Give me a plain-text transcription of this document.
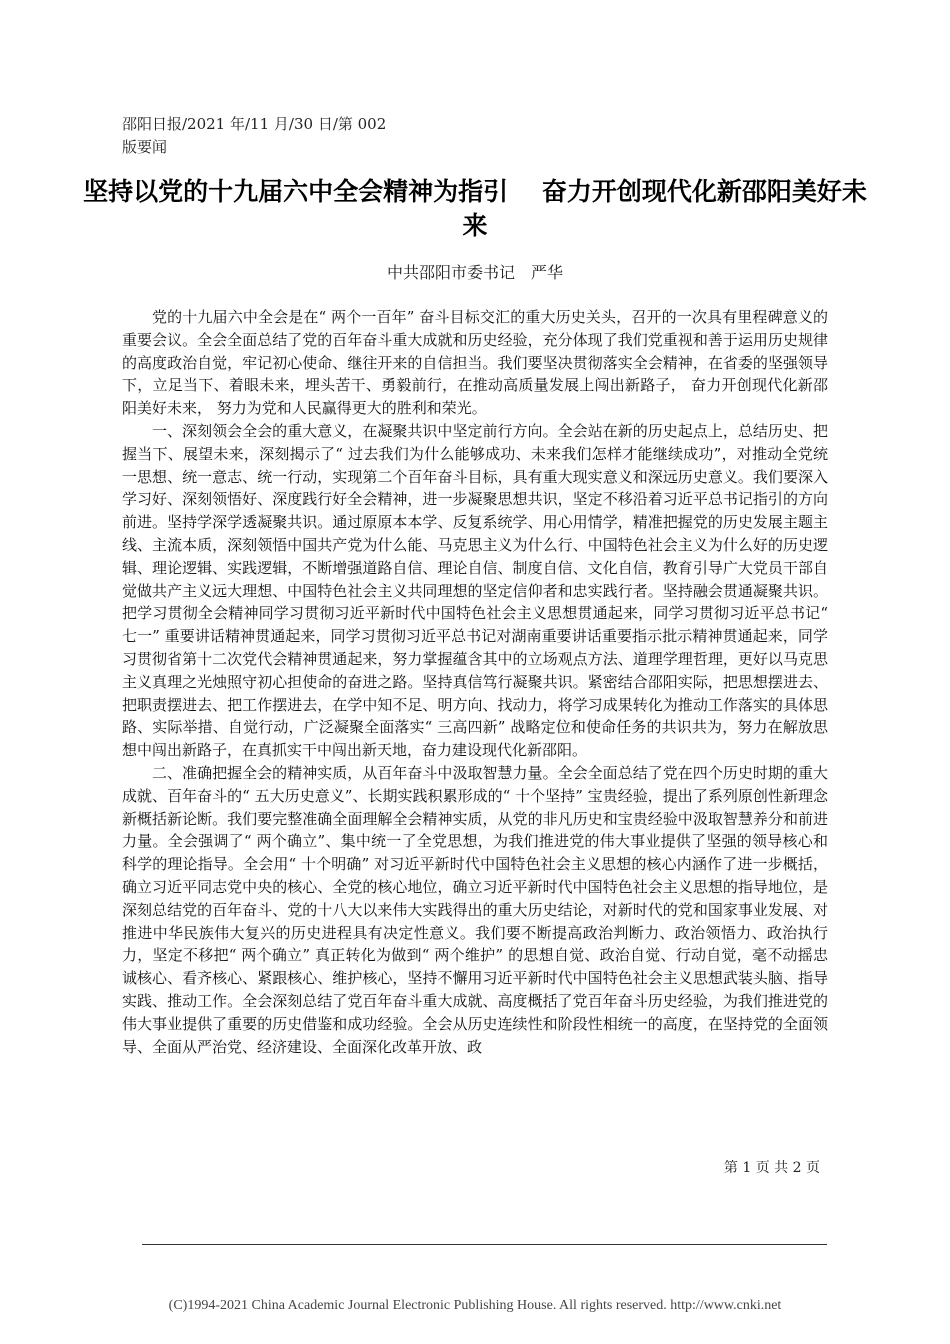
邵阳日报/2021 年/11 月/30 日/第 002
版要闻
坚持以党的十九届六中全会精神为指引　 奋力开创现代化新邵阳美好未来
中共邵阳市委书记　严华

党的十九届六中全会是在“ 两个一百年” 奋斗目标交汇的重大历史关头，召开的一次具有里程碑意义的重要会议。全会全面总结了党的百年奋斗重大成就和历史经验，充分体现了我们党重视和善于运用历史规律的高度政治自觉，牢记初心使命、继往开来的自信担当。我们要坚决贯彻落实全会精神，在省委的坚强领导下，立足当下、着眼未来，埋头苦干、勇毅前行，在推动高质量发展上闯出新路子， 奋力开创现代化新邵阳美好未来， 努力为党和人民赢得更大的胜利和荣光。

一、深刻领会全会的重大意义，在凝聚共识中坚定前行方向。全会站在新的历史起点上，总结历史、把握当下、展望未来，深刻揭示了“ 过去我们为什么能够成功、未来我们怎样才能继续成功”，对推动全党统一思想、统一意志、统一行动，实现第二个百年奋斗目标，具有重大现实意义和深远历史意义。我们要深入学习好、深刻领悟好、深度践行好全会精神，进一步凝聚思想共识，坚定不移沿着习近平总书记指引的方向前进。坚持学深学透凝聚共识。通过原原本本学、反复系统学、用心用情学，精准把握党的历史发展主题主线、主流本质，深刻领悟中国共产党为什么能、马克思主义为什么行、中国特色社会主义为什么好的历史逻辑、理论逻辑、实践逻辑，不断增强道路自信、理论自信、制度自信、文化自信，教育引导广大党员干部自觉做共产主义远大理想、中国特色社会主义共同理想的坚定信仰者和忠实践行者。坚持融会贯通凝聚共识。把学习贯彻全会精神同学习贯彻习近平新时代中国特色社会主义思想贯通起来，同学习贯彻习近平总书记“ 七一” 重要讲话精神贯通起来，同学习贯彻习近平总书记对湖南重要讲话重要指示批示精神贯通起来，同学习贯彻省第十二次党代会精神贯通起来，努力掌握蕴含其中的立场观点方法、道理学理哲理，更好以马克思主义真理之光烛照守初心担使命的奋进之路。坚持真信笃行凝聚共识。紧密结合邵阳实际，把思想摆进去、把职责摆进去、把工作摆进去，在学中知不足、明方向、找动力，将学习成果转化为推动工作落实的具体思路、实际举措、自觉行动，广泛凝聚全面落实“ 三高四新” 战略定位和使命任务的共识共为，努力在解放思想中闯出新路子，在真抓实干中闯出新天地，奋力建设现代化新邵阳。

二、准确把握全会的精神实质，从百年奋斗中汲取智慧力量。全会全面总结了党在四个历史时期的重大成就、百年奋斗的“ 五大历史意义”、长期实践积累形成的“ 十个坚持” 宝贵经验，提出了系列原创性新理念新概括新论断。我们要完整准确全面理解全会精神实质，从党的非凡历史和宝贵经验中汲取智慧养分和前进力量。全会强调了“ 两个确立”、集中统一了全党思想，为我们推进党的伟大事业提供了坚强的领导核心和科学的理论指导。全会用“ 十个明确” 对习近平新时代中国特色社会主义思想的核心内涵作了进一步概括，确立习近平同志党中央的核心、全党的核心地位，确立习近平新时代中国特色社会主义思想的指导地位，是深刻总结党的百年奋斗、党的十八大以来伟大实践得出的重大历史结论，对新时代的党和国家事业发展、对推进中华民族伟大复兴的历史进程具有决定性意义。我们要不断提高政治判断力、政治领悟力、政治执行力，坚定不移把“ 两个确立” 真正转化为做到“ 两个维护” 的思想自觉、政治自觉、行动自觉，毫不动摇忠诚核心、看齐核心、紧跟核心、维护核心，坚持不懈用习近平新时代中国特色社会主义思想武装头脑、指导实践、推动工作。全会深刻总结了党百年奋斗重大成就、高度概括了党百年奋斗历史经验，为我们推进党的伟大事业提供了重要的历史借鉴和成功经验。全会从历史连续性和阶段性相统一的高度，在坚持党的全面领导、全面从严治党、经济建设、全面深化改革开放、政

第 1 页 共 2 页
(C)1994-2021 China Academic Journal Electronic Publishing House. All rights reserved. http://www.cnki.net
